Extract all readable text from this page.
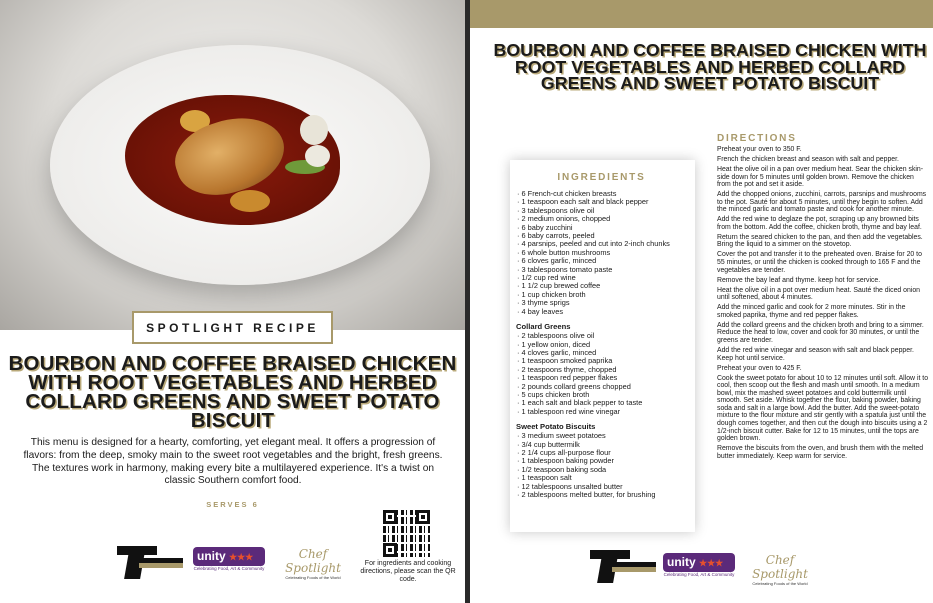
SPOTLIGHT RECIPE
BOURBON AND COFFEE BRAISED CHICKEN WITH ROOT VEGETABLES AND HERBED COLLARD GREENS AND SWEET POTATO BISCUIT
This menu is designed for a hearty, comforting, yet elegant meal. It offers a progression of flavors: from the deep, smoky main to the sweet root vegetables and the bright, fresh greens. The textures work in harmony, making every bite a multilayered experience. It's a twist on classic Southern comfort food.
SERVES 6
unity ★★★
Celebrating Food, Art & Community
Chef Spotlight
Celebrating Foods of the World
For ingredients and cooking directions, please scan the QR code.
BOURBON AND COFFEE BRAISED CHICKEN WITH ROOT VEGETABLES AND HERBED COLLARD GREENS AND SWEET POTATO BISCUIT
INGREDIENTS
· 6 French-cut chicken breasts
· 1 teaspoon each salt and black pepper
· 3 tablespoons olive oil
· 2 medium onions, chopped
· 6 baby zucchini
· 6 baby carrots, peeled
· 4 parsnips, peeled and cut into 2-inch chunks
· 6 whole button mushrooms
· 6 cloves garlic, minced
· 3 tablespoons tomato paste
· 1/2 cup red wine
· 1 1/2 cup brewed coffee
· 1 cup chicken broth
· 3 thyme sprigs
· 4 bay leaves
Collard Greens
· 2 tablespoons olive oil
· 1 yellow onion, diced
· 4 cloves garlic, minced
· 1 teaspoon smoked paprika
· 2 teaspoons thyme, chopped
· 1 teaspoon red pepper flakes
· 2 pounds collard greens chopped
· 5 cups chicken broth
· 1 each salt and black pepper to taste
· 1 tablespoon red wine vinegar
Sweet Potato Biscuits
· 3 medium sweet potatoes
· 3/4 cup buttermilk
· 2 1/4 cups all-purpose flour
· 1 tablespoon baking powder
· 1/2 teaspoon baking soda
· 1 teaspoon salt
· 12 tablespoons unsalted butter
· 2 tablespoons melted butter, for brushing
DIRECTIONS

Preheat your oven to 350 F.

French the chicken breast and season with salt and pepper.

Heat the olive oil in a pan over medium heat. Sear the chicken skin-side down for 5 minutes until golden brown. Remove the chicken from the pot and set it aside.

Add the chopped onions, zucchini, carrots, parsnips and mushrooms to the pot. Sauté for about 5 minutes, until they begin to soften. Add the minced garlic and tomato paste and cook for another minute.

Add the red wine to deglaze the pot, scraping up any browned bits from the bottom. Add the coffee, chicken broth, thyme and bay leaf.

Return the seared chicken to the pan, and then add the vegetables. Bring the liquid to a simmer on the stovetop.

Cover the pot and transfer it to the preheated oven. Braise for 20 to 55 minutes, or until the chicken is cooked through to 165 F and the vegetables are tender.

Remove the bay leaf and thyme. keep hot for service.

Heat the olive oil in a pot over medium heat. Sauté the diced onion until softened, about 4 minutes.

Add the minced garlic and cook for 2 more minutes. Stir in the smoked paprika, thyme and red pepper flakes.

Add the collard greens and the chicken broth and bring to a simmer. Reduce the heat to low, cover and cook for 30 minutes, or until the greens are tender.

Add the red wine vinegar and season with salt and black pepper. Keep hot until service.

Preheat your oven to 425 F.

Cook the sweet potato for about 10 to 12 minutes until soft. Allow it to cool, then scoop out the flesh and mash until smooth. In a medium bowl, mix the mashed sweet potatoes and cold buttermilk until smooth. Set aside. Whisk together the flour, baking powder, baking soda and salt in a large bowl. Add the butter. Add the sweet-potato mixture to the flour mixture and stir gently with a spatula just until the dough comes together, and then cut the dough into biscuits using a 2 1/2-inch biscuit cutter. Bake for 12 to 15 minutes, until the tops are golden brown.

Remove the biscuits from the oven, and brush them with the melted butter immediately. Keep warm for service.

unity ★★★
Celebrating Food, Art & Community
Chef Spotlight
Celebrating Foods of the World
